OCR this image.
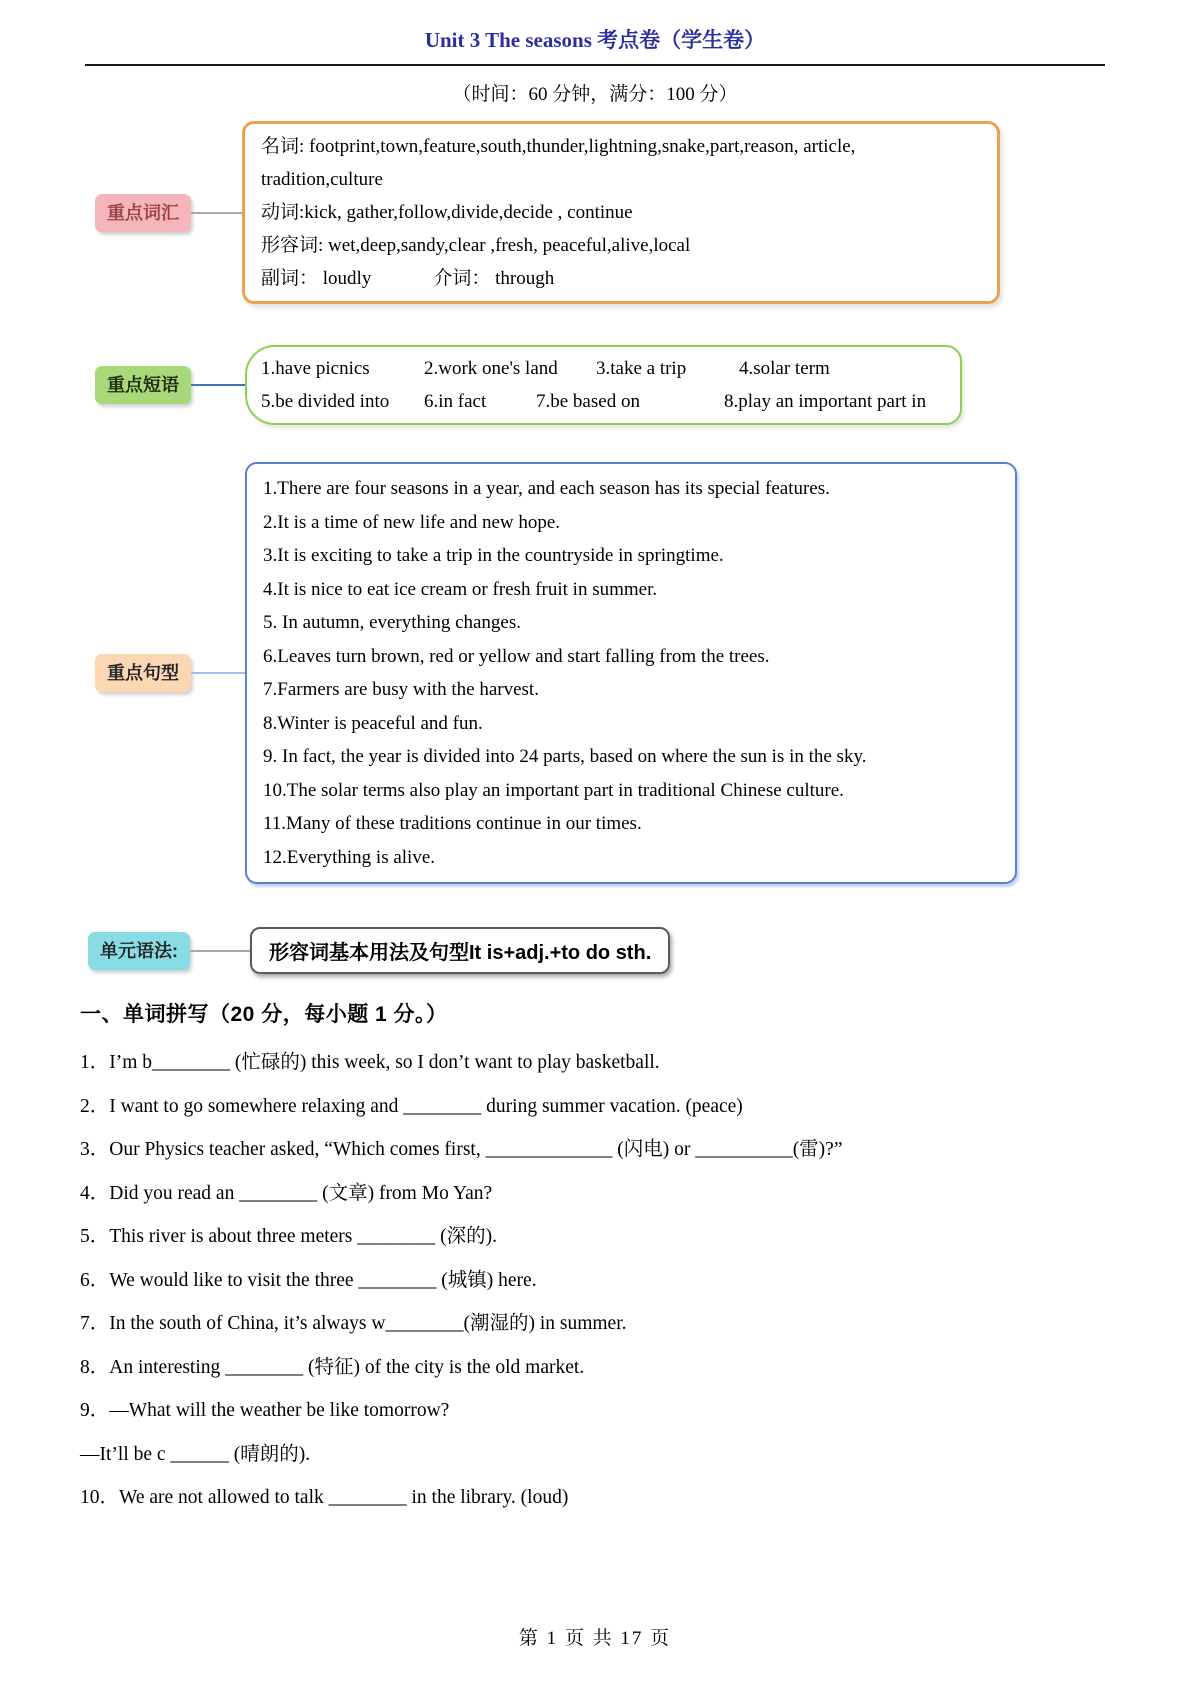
Unit 3 The seasons 考点卷（学生卷）
（时间：60 分钟，满分：100 分）
重点词汇
名词: footprint,town,feature,south,thunder,lightning,snake,part,reason, article, tradition,culture
动词:kick, gather,follow,divide,decide , continue
形容词: wet,deep,sandy,clear ,fresh, peaceful,alive,local
副词： loudly	介词： through
重点短语
1.have picnics	2.work one's land	3.take a trip	4.solar term
5.be divided into	6.in fact	7.be based on	8.play an important part in
重点句型
1.There are four seasons in a year, and each season has its special features.
2.It is a time of new life and new hope.
3.It is exciting to take a trip in the countryside in springtime.
4.It is nice to eat ice cream or fresh fruit in summer.
5. In autumn, everything changes.
6.Leaves turn brown, red or yellow and start falling from the trees.
7.Farmers are busy with the harvest.
8.Winter is peaceful and fun.
9. In fact, the year is divided into 24 parts, based on where the sun is in the sky.
10.The solar terms also play an important part in traditional Chinese culture.
11.Many of these traditions continue in our times.
12.Everything is alive.
单元语法:	形容词基本用法及句型It is+adj.+to do sth.
一、单词拼写（20 分，每小题 1 分。）
1．I’m b________ (忙碌的) this week, so I don’t want to play basketball.
2．I want to go somewhere relaxing and ________ during summer vacation. (peace)
3．Our Physics teacher asked, “Which comes first, _____________ (闪电) or __________(雷)?”
4．Did you read an ________ (文章) from Mo Yan?
5．This river is about three meters ________ (深的).
6．We would like to visit the three ________ (城镇) here.
7．In the south of China, it’s always w________(潮湿的) in summer.
8．An interesting ________ (特征) of the city is the old market.
9．—What will the weather be like tomorrow?
—It’ll be c ______ (晴朗的).
10．We are not allowed to talk ________ in the library. (loud)
第 1 页 共 17 页
